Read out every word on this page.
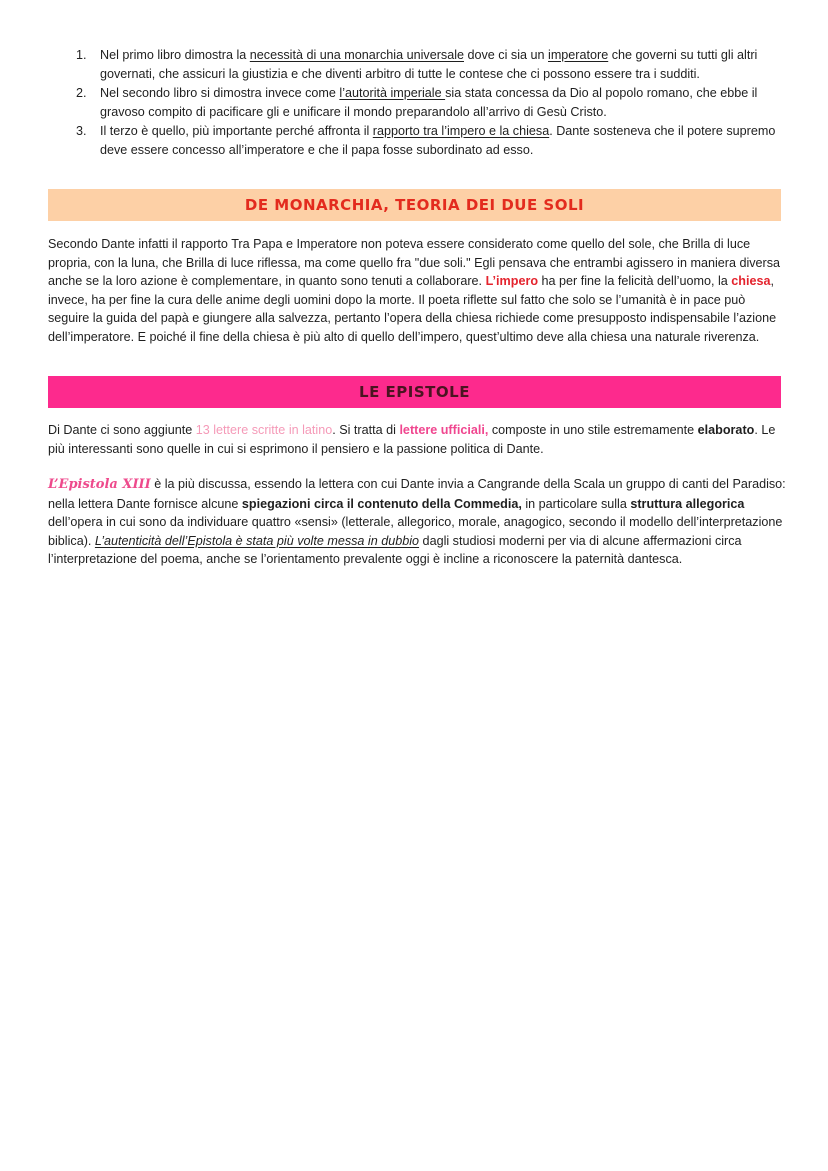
1. Nel primo libro dimostra la necessità di una monarchia universale dove ci sia un imperatore che governi su tutti gli altri governati, che assicuri la giustizia e che diventi arbitro di tutte le contese che ci possono essere tra i sudditi.
2. Nel secondo libro si dimostra invece come l’autorità imperiale sia stata concessa da Dio al popolo romano, che ebbe il gravoso compito di pacificare gli e unificare il mondo preparandolo all’arrivo di Gesù Cristo.
3. Il terzo è quello, più importante perché affronta il rapporto tra l’impero e la chiesa. Dante sosteneva che il potere supremo deve essere concesso all’imperatore e che il papa fosse subordinato ad esso.
DE MONARCHIA, TEORIA DEI DUE SOLI

Secondo Dante infatti il rapporto Tra Papa e Imperatore non poteva essere considerato come quello del sole, che Brilla di luce propria, con la luna, che Brilla di luce riflessa, ma come quello fra "due soli." Egli pensava che entrambi agissero in maniera diversa anche se la loro azione è complementare, in quanto sono tenuti a collaborare. L’impero ha per fine la felicità dell’uomo, la chiesa, invece, ha per fine la cura delle anime degli uomini dopo la morte. Il poeta riflette sul fatto che solo se l’umanità è in pace può seguire la guida del papà e giungere alla salvezza, pertanto l’opera della chiesa richiede come presupposto indispensabile l’azione dell’imperatore. E poiché il fine della chiesa è più alto di quello dell’impero, quest’ultimo deve alla chiesa una naturale riverenza.

LE EPISTOLE

Di Dante ci sono aggiunte 13 lettere scritte in latino. Si tratta di lettere ufficiali, composte in uno stile estremamente elaborato. Le più interessanti sono quelle in cui si esprimono il pensiero e la passione politica di Dante.

L’Epistola XIII è la più discussa, essendo la lettera con cui Dante invia a Cangrande della Scala un gruppo di canti del Paradiso: nella lettera Dante fornisce alcune spiegazioni circa il contenuto della Commedia, in particolare sulla struttura allegorica dell’opera in cui sono da individuare quattro «sensi» (letterale, allegorico, morale, anagogico, secondo il modello dell’interpretazione biblica). L’autenticità dell’Epistola è stata più volte messa in dubbio dagli studiosi moderni per via di alcune affermazioni circa l’interpretazione del poema, anche se l’orientamento prevalente oggi è incline a riconoscere la paternità dantesca.
